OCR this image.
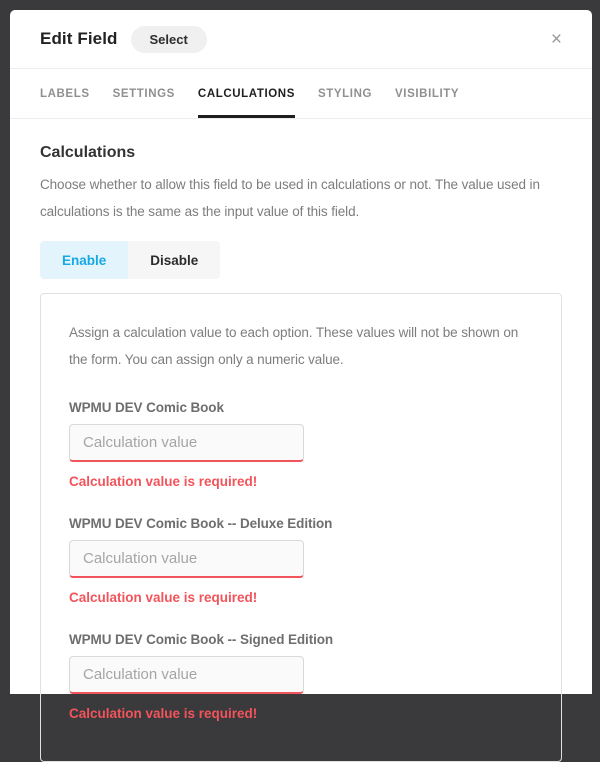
Edit Field	Select	×
LABELS SETTINGS CALCULATIONS STYLING VISIBILITY
Calculations

Choose whether to allow this field to be used in calculations or not. The value used in calculations is the same as the input value of this field.

Enable	Disable

Assign a calculation value to each option. These values will not be shown on the form. You can assign only a numeric value.

WPMU DEV Comic Book
Calculation value
Calculation value is required!
WPMU DEV Comic Book -- Deluxe Edition
Calculation value
Calculation value is required!
WPMU DEV Comic Book -- Signed Edition
Calculation value
Calculation value is required!
